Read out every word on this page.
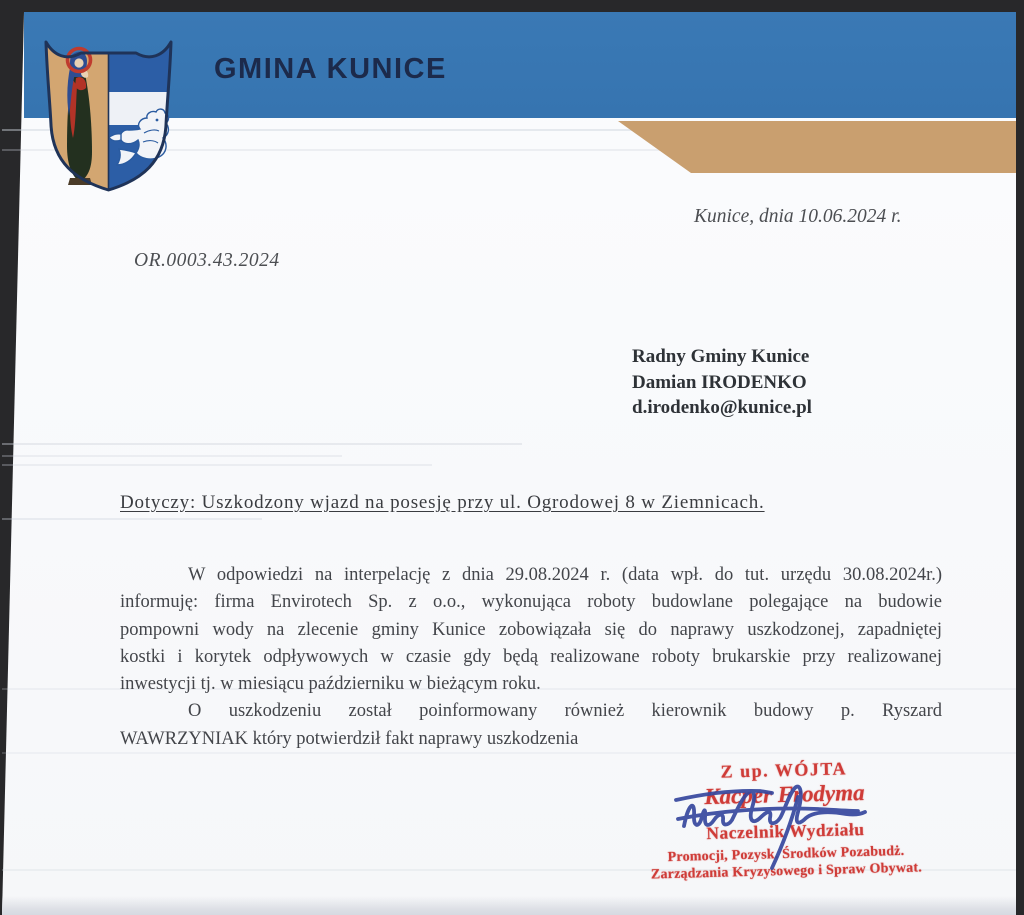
GMINA KUNICE
Kunice, dnia 10.06.2024 r.
OR.0003.43.2024
Radny Gminy Kunice
Damian IRODENKO
d.irodenko@kunice.pl
Dotyczy: Uszkodzony wjazd na posesję przy ul. Ogrodowej 8 w Ziemnicach.
W odpowiedzi na interpelację z dnia 29.08.2024 r. (data wpł. do tut. urzędu 30.08.2024r.)
informuję: firma Envirotech Sp. z o.o., wykonująca roboty budowlane polegające na budowie
pompowni wody na zlecenie gminy Kunice zobowiązała się do naprawy uszkodzonej, zapadniętej
kostki i korytek odpływowych w czasie gdy będą realizowane roboty brukarskie przy realizowanej
inwestycji tj. w miesiącu październiku w bieżącym roku.
O uszkodzeniu został poinformowany również kierownik budowy p. Ryszard
WAWRZYNIAK który potwierdził fakt naprawy uszkodzenia
Z up. WÓJTA
Kacper Frodyma
Naczelnik Wydziału
Promocji, Pozysk. Środków Pozabudż.
Zarządzania Kryzysowego i Spraw Obywat.
